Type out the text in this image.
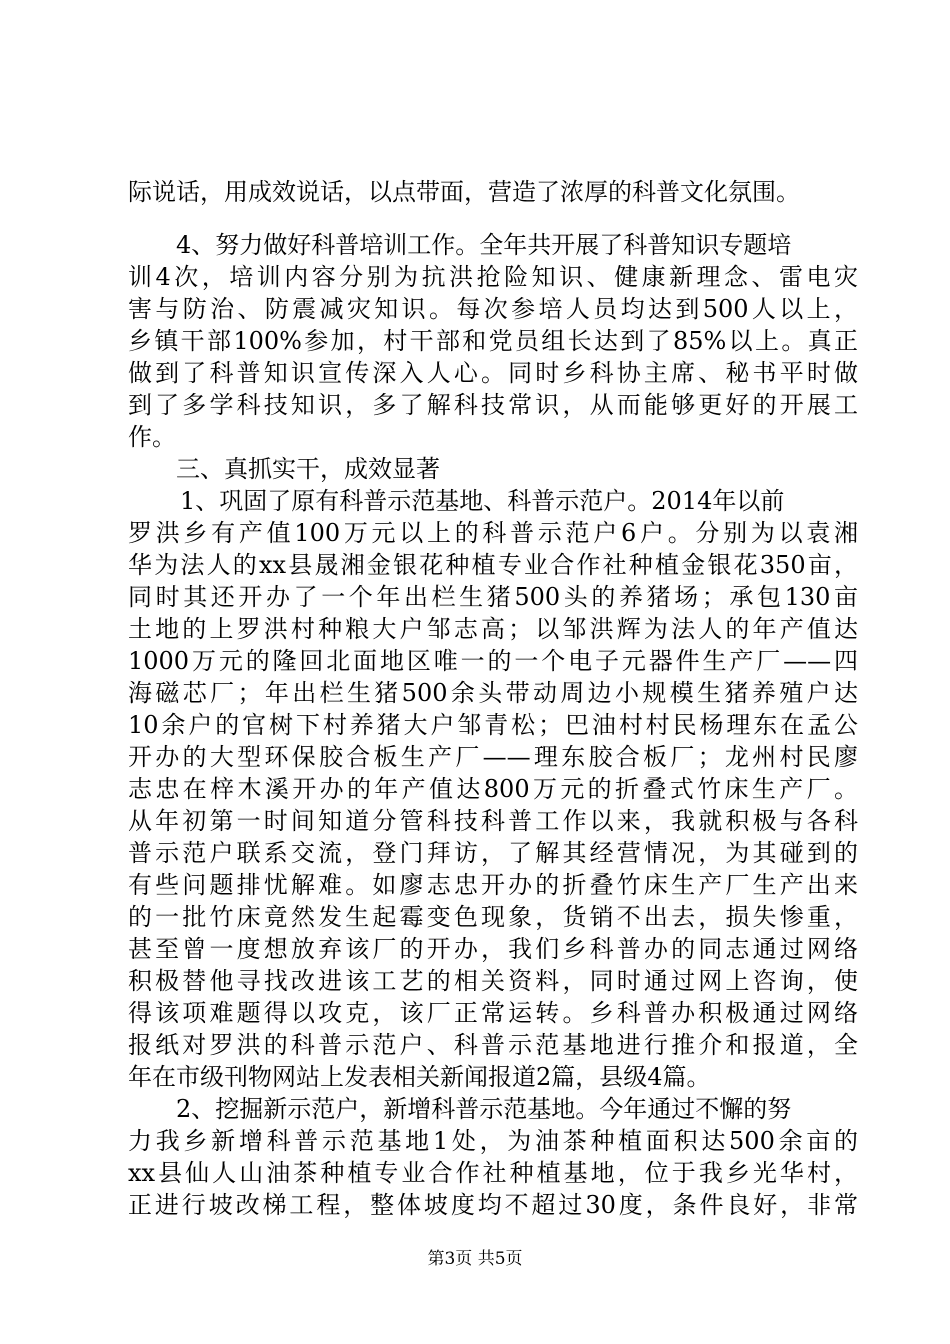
际说话，用成效说话，以点带面，营造了浓厚的科普文化氛围。
4、努力做好科普培训工作。全年共开展了科普知识专题培
训4次，培训内容分别为抗洪抢险知识、健康新理念、雷电灾
害与防治、防震减灾知识。每次参培人员均达到500人以上，
乡镇干部100%参加，村干部和党员组长达到了85%以上。真正
做到了科普知识宣传深入人心。同时乡科协主席、秘书平时做
到了多学科技知识，多了解科技常识，从而能够更好的开展工
作。
三、真抓实干，成效显著
1、巩固了原有科普示范基地、科普示范户。2014年以前
罗洪乡有产值100万元以上的科普示范户6户。分别为以袁湘
华为法人的xx县晟湘金银花种植专业合作社种植金银花350亩，
同时其还开办了一个年出栏生猪500头的养猪场；承包130亩
土地的上罗洪村种粮大户邹志高；以邹洪辉为法人的年产值达
1000万元的隆回北面地区唯一的一个电子元器件生产厂——四
海磁芯厂；年出栏生猪500余头带动周边小规模生猪养殖户达
10余户的官树下村养猪大户邹青松；巴油村村民杨理东在孟公
开办的大型环保胶合板生产厂——理东胶合板厂；龙州村民廖
志忠在梓木溪开办的年产值达800万元的折叠式竹床生产厂。
从年初第一时间知道分管科技科普工作以来，我就积极与各科
普示范户联系交流，登门拜访，了解其经营情况，为其碰到的
有些问题排忧解难。如廖志忠开办的折叠竹床生产厂生产出来
的一批竹床竟然发生起霉变色现象，货销不出去，损失惨重，
甚至曾一度想放弃该厂的开办，我们乡科普办的同志通过网络
积极替他寻找改进该工艺的相关资料，同时通过网上咨询，使
得该项难题得以攻克，该厂正常运转。乡科普办积极通过网络
报纸对罗洪的科普示范户、科普示范基地进行推介和报道，全
年在市级刊物网站上发表相关新闻报道2篇，县级4篇。
2、挖掘新示范户，新增科普示范基地。今年通过不懈的努
力我乡新增科普示范基地1处，为油茶种植面积达500余亩的
xx县仙人山油茶种植专业合作社种植基地，位于我乡光华村，
正进行坡改梯工程，整体坡度均不超过30度，条件良好，非常
第3页 共5页
